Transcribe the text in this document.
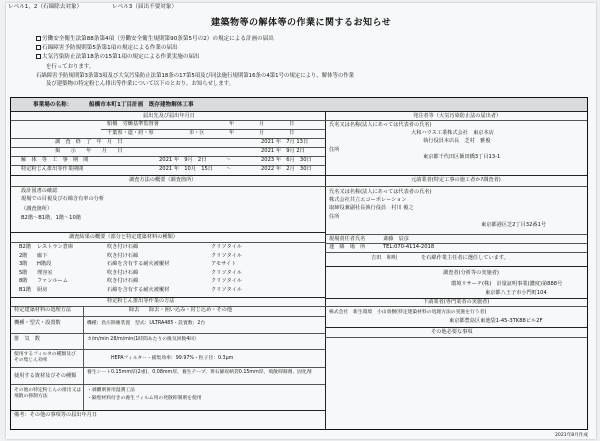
レベル1，2（石綿除去対象）	レベル3（届出不要対象）
建築物等の解体等の作業に関するお知らせ
労働安全衛生法第88条第4項（労働安全衛生規則第90条第5号の2）の規定による計画の届出
石綿障害予防規則第5条第1項の規定による作業の届出
大気汚染防止法第18条の15第1項の規定による作業実施の届出
を行っております。
石綿障害予防規則第3条第3項及び大気汚染防止法第18条の17第5項及び同法施行規則第16条の4第1号の規定により、解体等の作業
及び建築物の特定粉じん排出等作業について以下のとおり、お知らせします。
事業場の名称：	船橋市本町1丁目計画　既存建物解体工事
届出先及び届出年月日
船橋　労働基準監督署	年	月	日
千葉県・道・府・県	市・区	年	月	日
調　査　終　了　年　月　日	2021 年　7月 13日
掲　　示　　年　　月　　日	2021 年　9月 2日
解　体　等　工　事　期　間	2021 年　9月　2日	～	2023 年　6月　30日
特定粉じん排出等作業期間	2021 年　10月　15日	～	2022 年　2月　30日
調査方法の概要（調査箇所）
設計図書の確認
現場での目視及び石綿含有率の分析
（調査箇所）
B2階～B1階、1階～10階
調査結果の概要（部分と特定建築材料の種類）
B2階 レストラン倉庫	吹き付け石綿	クリソタイル
2階 廊下	吹き付け石綿	クリソタイル
3階 H階段	石綿を含有する耐火被覆材	アモサイト
5階 理容室	吹き付け石綿	クリソタイル
8階 ファンルーム	吹き付け石綿	クリソタイル
B1階 厨房	石綿を含有する耐火被覆材	クリソタイル
特定粉じん排出等作業の方法
特定建築材料の処理方法	除去 除去・囲い込み・封じ込め・その他
機種・型式・設置数	機種：負圧除塵装置　型式：ULTRA485・設置数：2台
排　気　数	カ/m/min 28/m/min(1時間あたりの換気回数4回）
使用するフィルタの種類及びその集じん効率	HEPAフィルター・捕集効率：99.97%・粒子径：0.3μm
使用する資材及びその種類
養生シート0.15mm厚(2重)、0.08mm厚、養生テープ、黄石綿収納袋0.15mm厚、飛散抑制剤、固化剤
その他の特定粉じんの排出又は飛散の抑制方法
・剥離剤併用湿潤工法
・隔壁材料付きの養生フィルム用の発散抑制剤を使用
備考：その他の事項等の届出年月日
発注者等（大気汚染防止法の届出者）
氏名又は名称(法人にあっては代表者の氏名)
大和ハウス工業株式会社　東京本店
執行役員本店長　芝村　雅俊
住所
東京都千代田区飯田橋3丁目13-1
元請業者(特定工事の施工者か?調査者)
氏名又は名称(法人にあっては代表者の氏名)
株式会社共立エコーポレーション
取締役兼副社長執行役員　村川 俊之
住所
東京都港区芝2丁目32番1号
現場責任者氏名	斎藤　辰彦
連　絡　場　所	TEL:070-4114-2018
吉田　和明	を石綿作業主任者に選任しています。
調査者(分析等の実施者)
環境リサーチ(株)　計量証明事業(濃度)第888号
東京都八王子市小門町104
下請業者(専門業者の実施者)
株式会社　新生環境　小山勇樹(特定建築材料の処理方法の実施を行う者)
東京都豊島区東池袋1-45-3TK88ビル2F
その他必要な事項
2021年8月作成
